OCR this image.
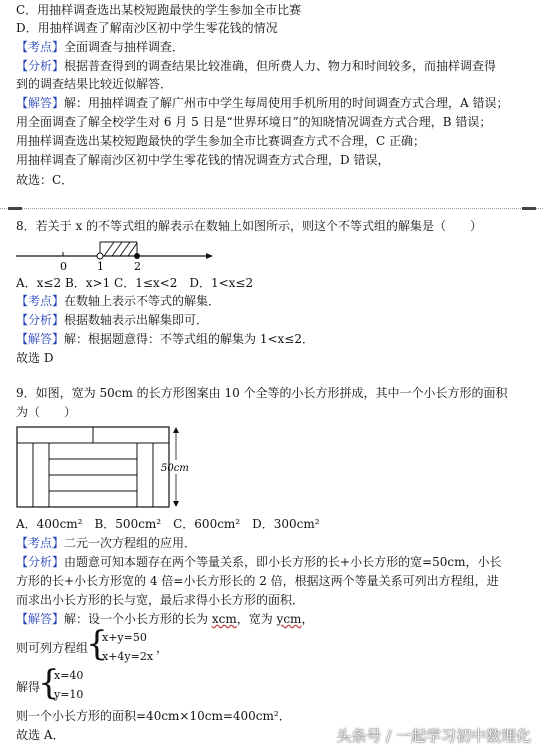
C．用抽样调查选出某校短跑最快的学生参加全市比赛
D．用抽样调查了解南沙区初中学生零花钱的情况
【考点】全面调查与抽样调查．
【分析】根据普查得到的调查结果比较准确，但所费人力、物力和时间较多，而抽样调查得
到的调查结果比较近似解答．
【解答】解：用抽样调查了解广州市中学生每周使用手机所用的时间调查方式合理，A 错误；
用全面调查了解全校学生对 6 月 5 日是“世界环境日”的知晓情况调查方式合理，B 错误；
用抽样调查选出某校短跑最快的学生参加全市比赛调查方式不合理，C 正确；
用抽样调查了解南沙区初中学生零花钱的情况调查方式合理，D 错误，
故选：C．
8．若关于 x 的不等式组的解表示在数轴上如图所示，则这个不等式组的解集是（　　）
0	1	2
A．x≤2 B．x>1 C．1≤x<2　D．1<x≤2
【考点】在数轴上表示不等式的解集．
【分析】根据数轴表示出解集即可．
【解答】解：根据题意得：不等式组的解集为 1<x≤2．
故选 D
9．如图，宽为 50cm 的长方形图案由 10 个全等的小长方形拼成，其中一个小长方形的面积
为（　　）
50cm
A．400cm²　B．500cm²　C．600cm²　D．300cm²
【考点】二元一次方程组的应用．
【分析】由题意可知本题存在两个等量关系，即小长方形的长+小长方形的宽=50cm，小长
方形的长+小长方形宽的 4 倍=小长方形长的 2 倍，根据这两个等量关系可列出方程组，进
而求出小长方形的长与宽，最后求得小长方形的面积．
【解答】解：设一个小长方形的长为 xcm，宽为 ycm，
则可列方程组
{
x+y=50
x+4y=2x
，
解得
{
x=40
y=10
则一个小长方形的面积=40cm×10cm=400cm²．
故选 A．	头条号 / 一起学习初中数理化
